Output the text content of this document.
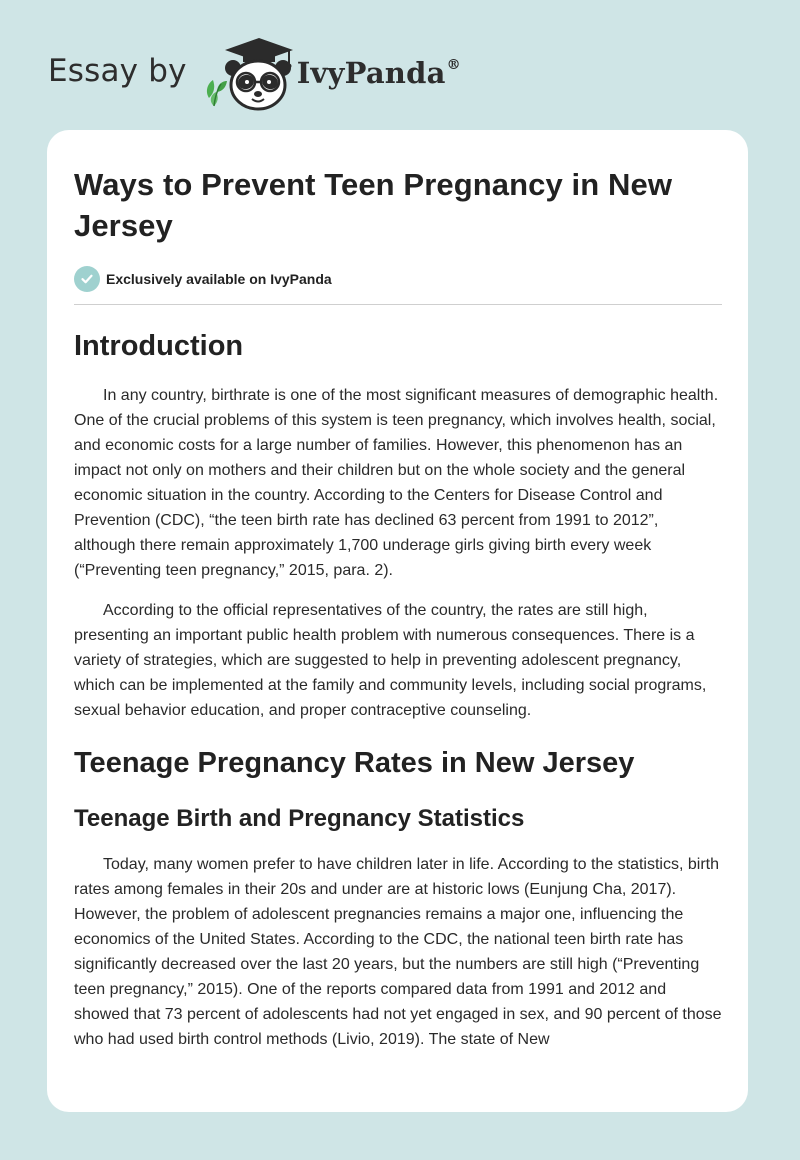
Essay by	IvyPanda®
Ways to Prevent Teen Pregnancy in New Jersey
Exclusively available on IvyPanda
Introduction

In any country, birthrate is one of the most significant measures of demographic health. One of the crucial problems of this system is teen pregnancy, which involves health, social, and economic costs for a large number of families. However, this phenomenon has an impact not only on mothers and their children but on the whole society and the general economic situation in the country. According to the Centers for Disease Control and Prevention (CDC), “the teen birth rate has declined 63 percent from 1991 to 2012”, although there remain approximately 1,700 underage girls giving birth every week (“Preventing teen pregnancy,” 2015, para. 2).

According to the official representatives of the country, the rates are still high, presenting an important public health problem with numerous consequences. There is a variety of strategies, which are suggested to help in preventing adolescent pregnancy, which can be implemented at the family and community levels, including social programs, sexual behavior education, and proper contraceptive counseling.

Teenage Pregnancy Rates in New Jersey
Teenage Birth and Pregnancy Statistics

Today, many women prefer to have children later in life. According to the statistics, birth rates among females in their 20s and under are at historic lows (Eunjung Cha, 2017). However, the problem of adolescent pregnancies remains a major one, influencing the economics of the United States. According to the CDC, the national teen birth rate has significantly decreased over the last 20 years, but the numbers are still high (“Preventing teen pregnancy,” 2015). One of the reports compared data from 1991 and 2012 and showed that 73 percent of adolescents had not yet engaged in sex, and 90 percent of those who had used birth control methods (Livio, 2019). The state of New
